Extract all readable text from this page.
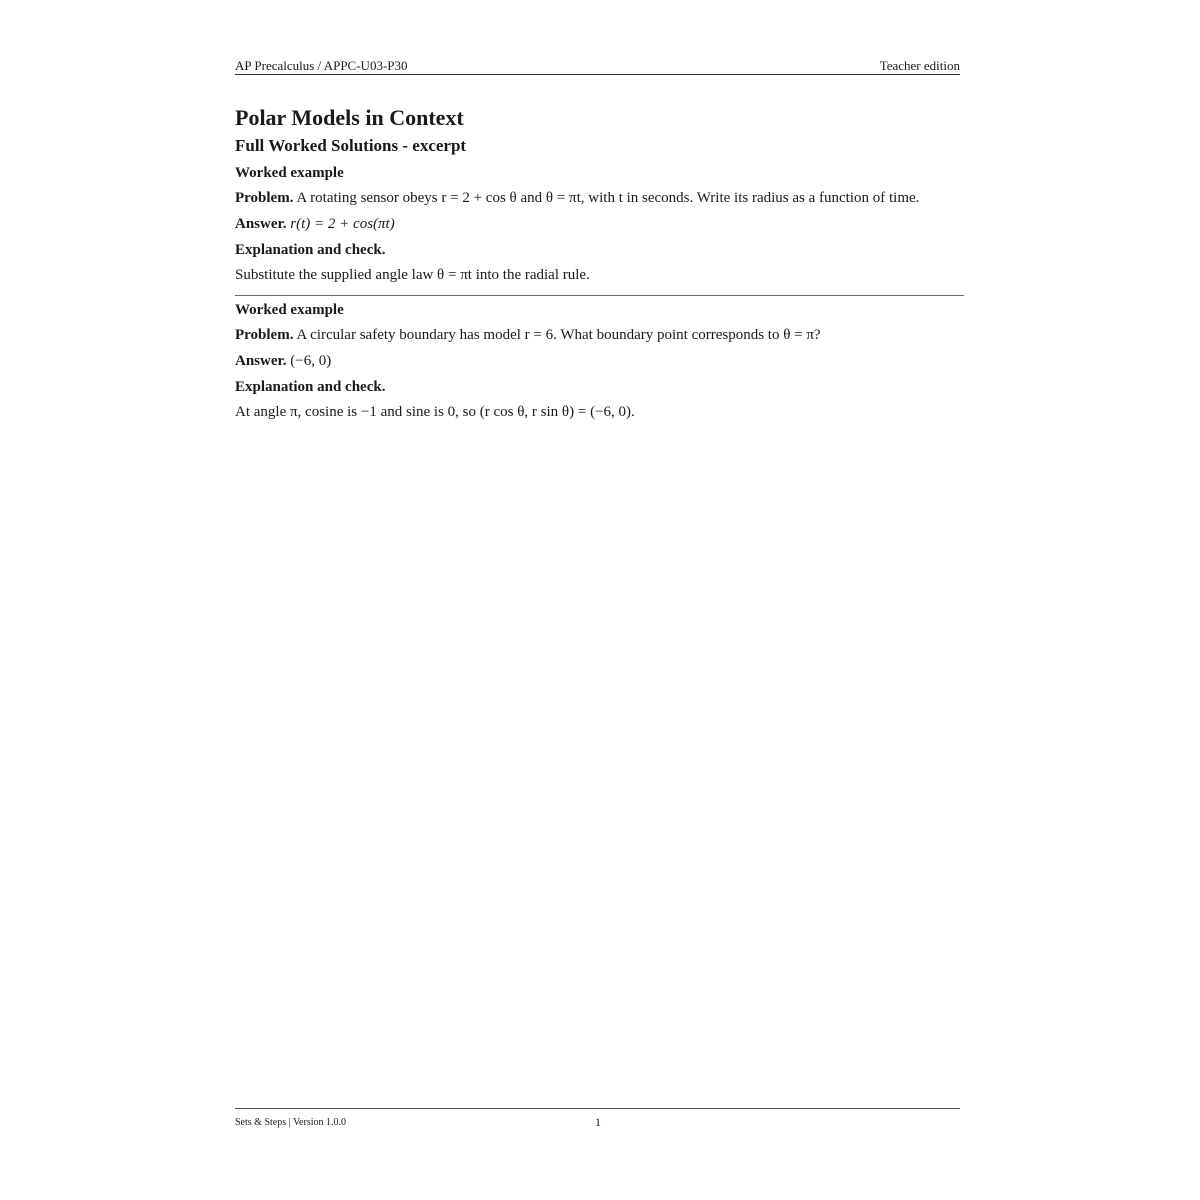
AP Precalculus / APPC-U03-P30	Teacher edition
Polar Models in Context
Full Worked Solutions - excerpt
Worked example

Problem. A rotating sensor obeys r = 2 + cos θ and θ = πt, with t in seconds. Write its radius as a function of time.

Answer. r(t) = 2 + cos(πt)

Explanation and check.

Substitute the supplied angle law θ = πt into the radial rule.

Worked example

Problem. A circular safety boundary has model r = 6. What boundary point corresponds to θ = π?

Answer. (−6, 0)

Explanation and check.

At angle π, cosine is −1 and sine is 0, so (r cos θ, r sin θ) = (−6, 0).

Sets & Steps | Version 1.0.0	1
